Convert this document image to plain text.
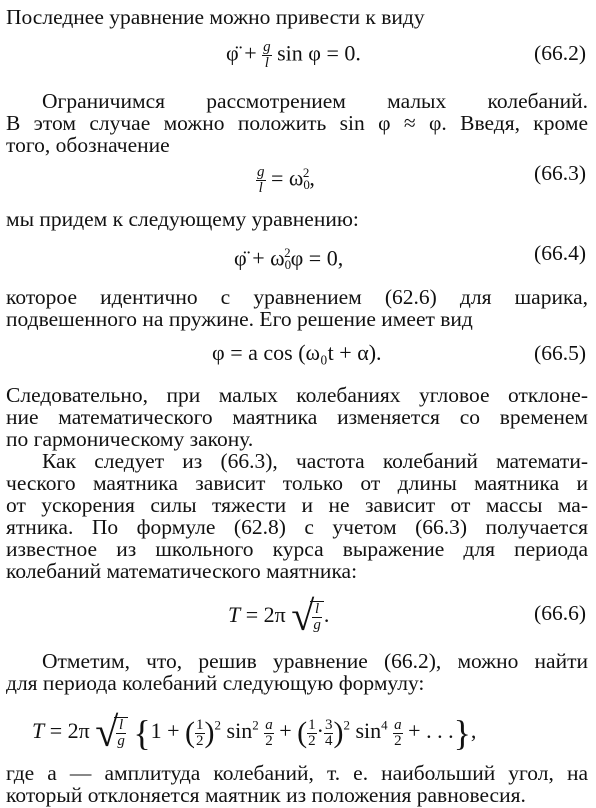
Последнее уравнение можно привести к виду
φ̈ + $\frac{g}{l}$ sin φ = 0.	(66.2)
Ограничимся рассмотрением малых колебаний.
В этом случае можно положить sin φ ≈ φ. Введя, кроме
того, обозначение
$\frac{g}{l} = \omega_0^2$,	(66.3)
мы придем к следующему уравнению:
φ̈ + $\omega_0^2\varphi = 0$,	(66.4)
которое идентично с уравнением (62.6) для шарика,
подвешенного на пружине. Его решение имеет вид
φ = a cos (ω₀t + α).	(66.5)
Следовательно, при малых колебаниях угловое отклоне-
ние математического маятника изменяется со временем
по гармоническому закону.
Как следует из (66.3), частота колебаний математи-
ческого маятника зависит только от длины маятника и
от ускорения силы тяжести и не зависит от массы ма-
ятника. По формуле (62.8) с учетом (66.3) получается
известное из школьного курса выражение для периода
колебаний математического маятника:
T = 2π √
$\frac{l}{g}$ .	(66.6)
Отметим, что, решив уравнение (66.2), можно найти
для периода колебаний следующую формулу:
T = 2π √
$\frac{l}{g} \{1$ + ( $\frac{1}{2} )^2$ $\sin^2 \frac{a}{2}$ + ( $\frac{1}{2} \cdot \frac{3}{4} )^2$ $\sin^4 \frac{a}{2}$ + . . .},
где a — амплитуда колебаний, т. е. наибольший угол, на
который отклоняется маятник из положения равновесия.
